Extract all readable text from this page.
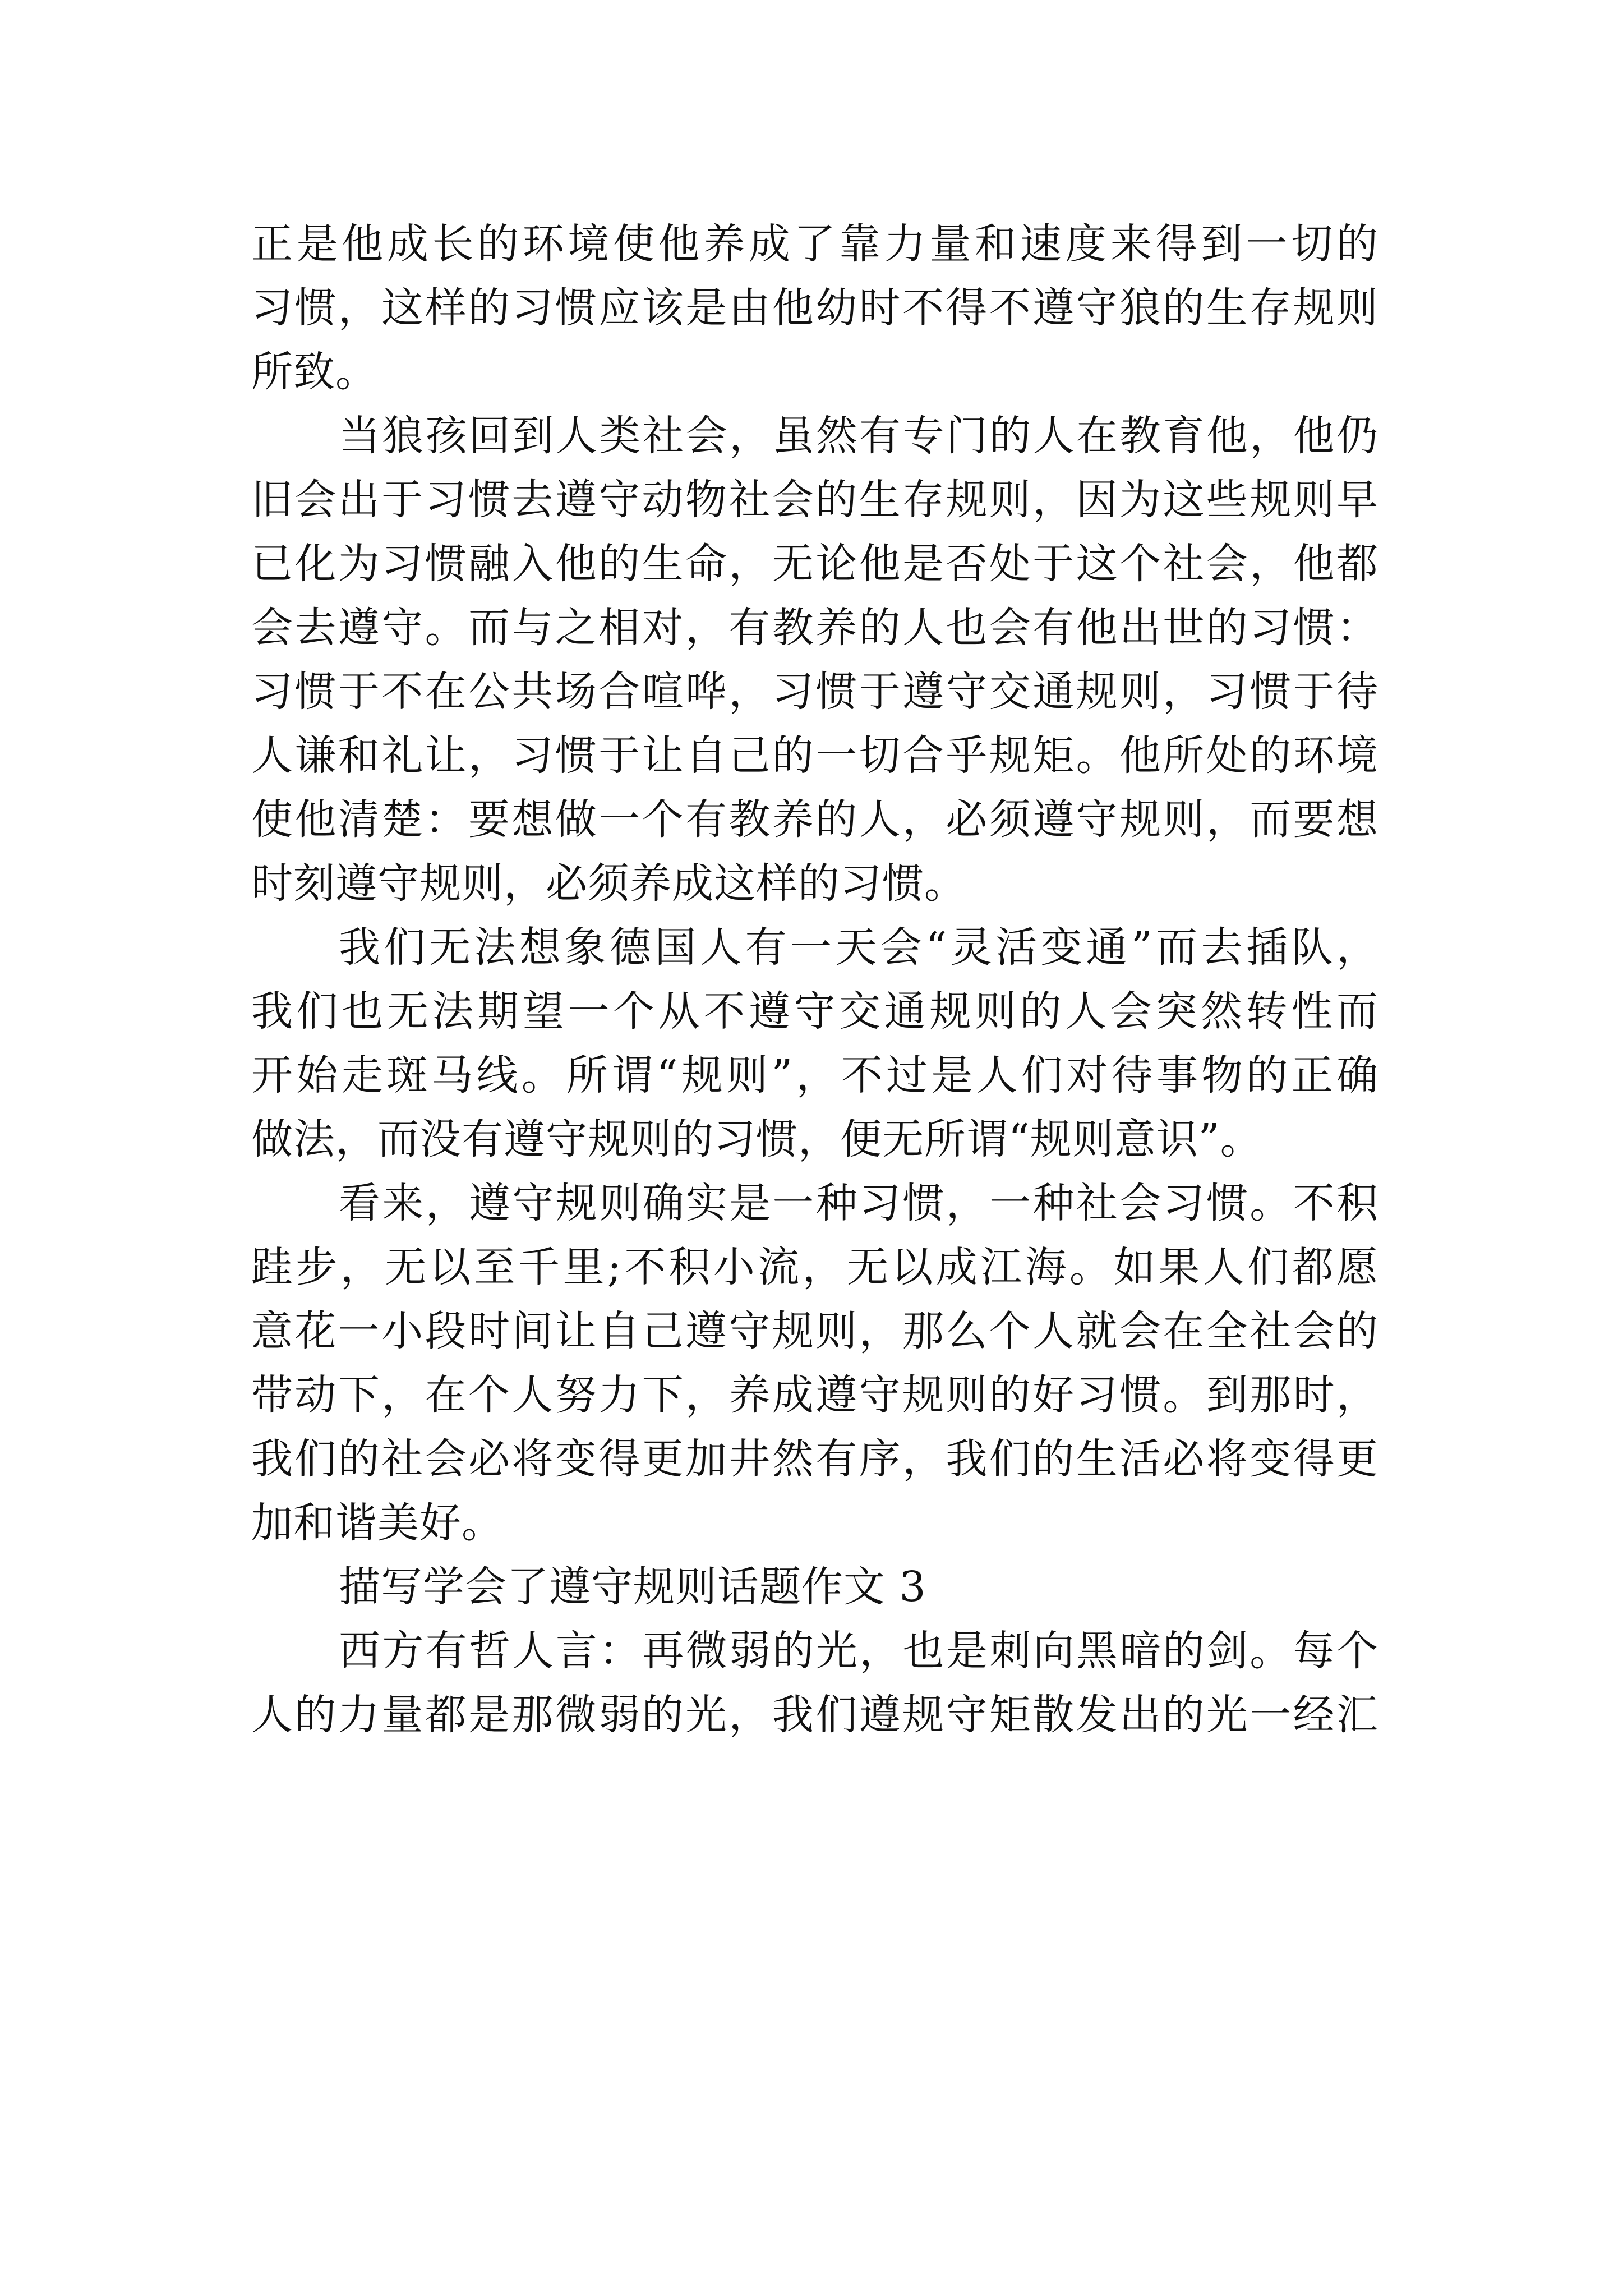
正是他成长的环境使他养成了靠力量和速度来得到一切的
习惯，这样的习惯应该是由他幼时不得不遵守狼的生存规则
所致。
当狼孩回到人类社会，虽然有专门的人在教育他，他仍
旧会出于习惯去遵守动物社会的生存规则，因为这些规则早
已化为习惯融入他的生命，无论他是否处于这个社会，他都
会去遵守。而与之相对，有教养的人也会有他出世的习惯：
习惯于不在公共场合喧哗，习惯于遵守交通规则，习惯于待
人谦和礼让，习惯于让自己的一切合乎规矩。他所处的环境
使他清楚：要想做一个有教养的人，必须遵守规则，而要想
时刻遵守规则，必须养成这样的习惯。
我们无法想象德国人有一天会“灵活变通”而去插队，
我们也无法期望一个从不遵守交通规则的人会突然转性而
开始走斑马线。所谓“规则”，不过是人们对待事物的正确
做法，而没有遵守规则的习惯，便无所谓“规则意识”。
看来，遵守规则确实是一种习惯，一种社会习惯。不积
跬步，无以至千里;不积小流，无以成江海。如果人们都愿
意花一小段时间让自己遵守规则，那么个人就会在全社会的
带动下，在个人努力下，养成遵守规则的好习惯。到那时，
我们的社会必将变得更加井然有序，我们的生活必将变得更
加和谐美好。
描写学会了遵守规则话题作文 3
西方有哲人言：再微弱的光，也是刺向黑暗的剑。每个
人的力量都是那微弱的光，我们遵规守矩散发出的光一经汇
